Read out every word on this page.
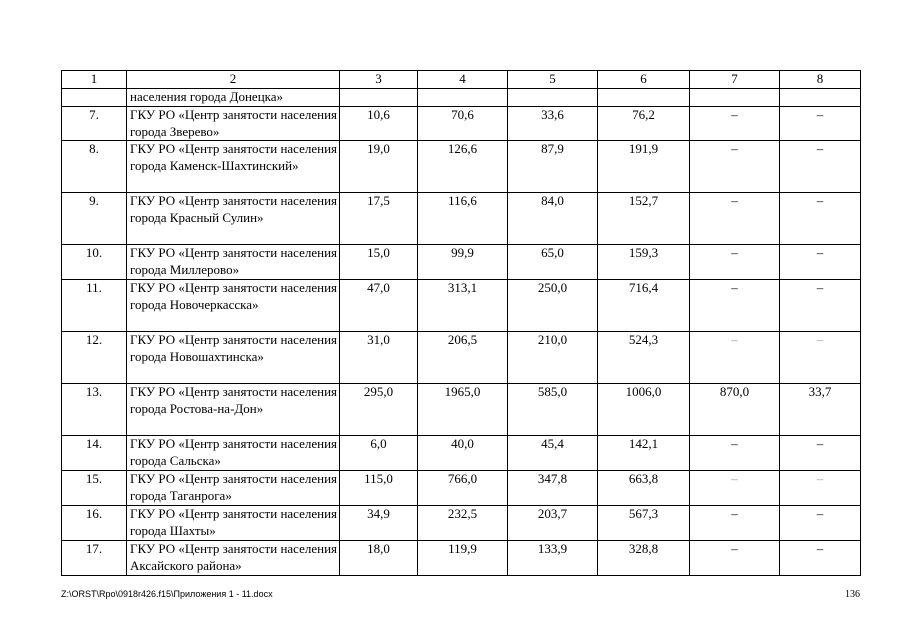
1	2	3	4	5	6	7	8
	населения города Донецка»						
7.	ГКУ РО «Центр занятости населения города Зверево»	10,6	70,6	33,6	76,2	–	–
8.	ГКУ РО «Центр занятости населения города Каменск-Шахтинский»	19,0	126,6	87,9	191,9	–	–
9.	ГКУ РО «Центр занятости населения города Красный Сулин»	17,5	116,6	84,0	152,7	–	–
10.	ГКУ РО «Центр занятости населения города Миллерово»	15,0	99,9	65,0	159,3	–	–
11.	ГКУ РО «Центр занятости населения города Новочеркасска»	47,0	313,1	250,0	716,4	–	–
12.	ГКУ РО «Центр занятости населения города Новошахтинска»	31,0	206,5	210,0	524,3	–	–
13.	ГКУ РО «Центр занятости населения города Ростова-на-Дон»	295,0	1965,0	585,0	1006,0	870,0	33,7
14.	ГКУ РО «Центр занятости населения города Сальска»	6,0	40,0	45,4	142,1	–	–
15.	ГКУ РО «Центр занятости населения города Таганрога»	115,0	766,0	347,8	663,8	–	–
16.	ГКУ РО «Центр занятости населения города Шахты»	34,9	232,5	203,7	567,3	–	–
17.	ГКУ РО «Центр занятости населения Аксайского района»	18,0	119,9	133,9	328,8	–	–
Z:\ORST\Rpo\0918r426.f15\Приложения 1 - 11.docx	136
